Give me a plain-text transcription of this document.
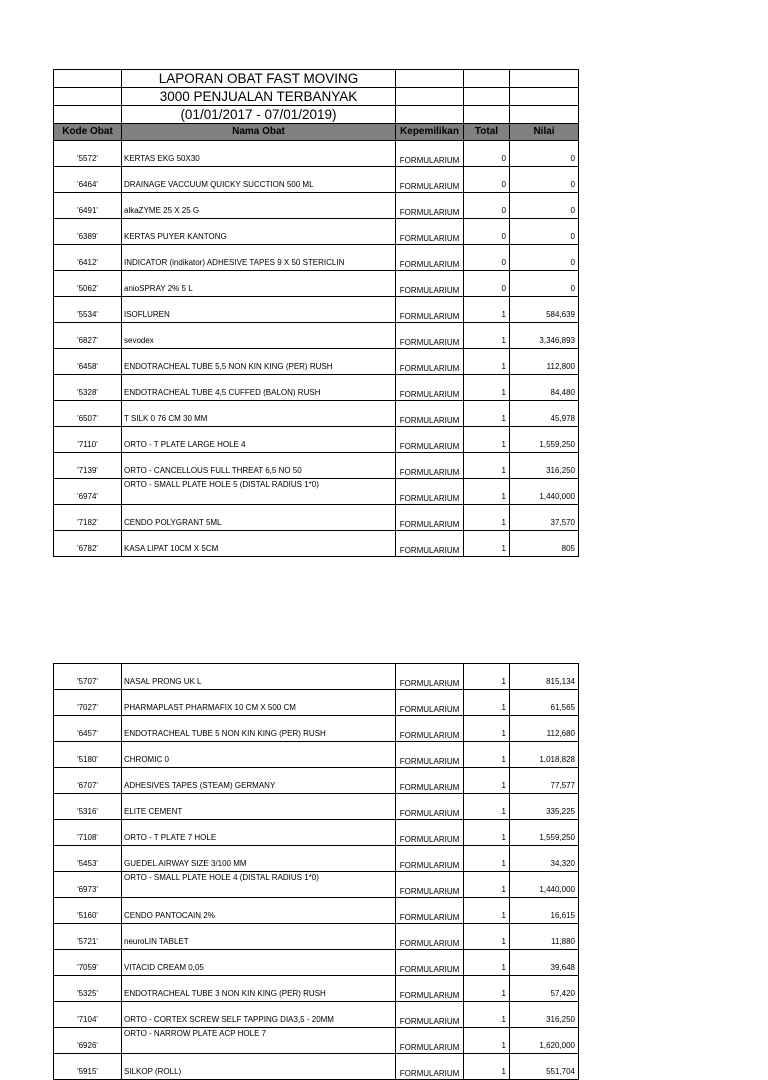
	LAPORAN OBAT FAST MOVING			
	3000 PENJUALAN TERBANYAK			
	(01/01/2017 - 07/01/2019)			
Kode Obat	Nama Obat	Kepemilikan	Total	Nilai
'5572'	KERTAS EKG 50X30	FORMULARIUM	0	0
'6464'	DRAINAGE VACCUUM QUICKY SUCCTION 500 ML	FORMULARIUM	0	0
'6491'	alkaZYME 25 X 25 G	FORMULARIUM	0	0
'6389'	KERTAS PUYER KANTONG	FORMULARIUM	0	0
'6412'	INDICATOR (indikator) ADHESIVE TAPES 9 X 50 STERICLIN	FORMULARIUM	0	0
'5062'	anioSPRAY 2% 5 L	FORMULARIUM	0	0
'5534'	ISOFLUREN	FORMULARIUM	1	584,639
'6827'	sevodex	FORMULARIUM	1	3,346,893
'6458'	ENDOTRACHEAL TUBE 5,5 NON KIN KING (PER) RUSH	FORMULARIUM	1	112,800
'5328'	ENDOTRACHEAL TUBE 4,5 CUFFED (BALON) RUSH	FORMULARIUM	1	84,480
'6507'	T SILK 0 76 CM 30 MM	FORMULARIUM	1	45,978
'7110'	ORTO - T PLATE LARGE HOLE 4	FORMULARIUM	1	1,559,250
'7139'	ORTO - CANCELLOUS FULL THREAT 6,5 NO 50	FORMULARIUM	1	316,250
'6974'	ORTO - SMALL PLATE HOLE 5 (DISTAL RADIUS 1*0)	FORMULARIUM	1	1,440,000
'7182'	CENDO POLYGRANT 5ML	FORMULARIUM	1	37,570
'6782'	KASA LIPAT 10CM X 5CM	FORMULARIUM	1	805
'5707'	NASAL PRONG UK L	FORMULARIUM	1	815,134
'7027'	PHARMAPLAST PHARMAFIX 10 CM X 500 CM	FORMULARIUM	1	61,565
'6457'	ENDOTRACHEAL TUBE 5 NON KIN KING (PER) RUSH	FORMULARIUM	1	112,680
'5180'	CHROMIC 0	FORMULARIUM	1	1,018,828
'6707'	ADHESIVES TAPES (STEAM) GERMANY	FORMULARIUM	1	77,577
'5316'	ELITE CEMENT	FORMULARIUM	1	335,225
'7108'	ORTO - T PLATE 7 HOLE	FORMULARIUM	1	1,559,250
'5453'	GUEDEL AIRWAY SIZE 3/100 MM	FORMULARIUM	1	34,320
'6973'	ORTO - SMALL PLATE HOLE 4 (DISTAL RADIUS 1*0)	FORMULARIUM	1	1,440,000
'5160'	CENDO PANTOCAIN 2%	FORMULARIUM	1	16,615
'5721'	neuroLIN TABLET	FORMULARIUM	1	11,880
'7059'	VITACID CREAM 0,05	FORMULARIUM	1	39,648
'5325'	ENDOTRACHEAL TUBE 3 NON KIN KING (PER) RUSH	FORMULARIUM	1	57,420
'7104'	ORTO - CORTEX SCREW SELF TAPPING DIA3,5 - 20MM	FORMULARIUM	1	316,250
'6926'	ORTO - NARROW PLATE ACP HOLE 7	FORMULARIUM	1	1,620,000
'5915'	SILKOP (ROLL)	FORMULARIUM	1	551,704
